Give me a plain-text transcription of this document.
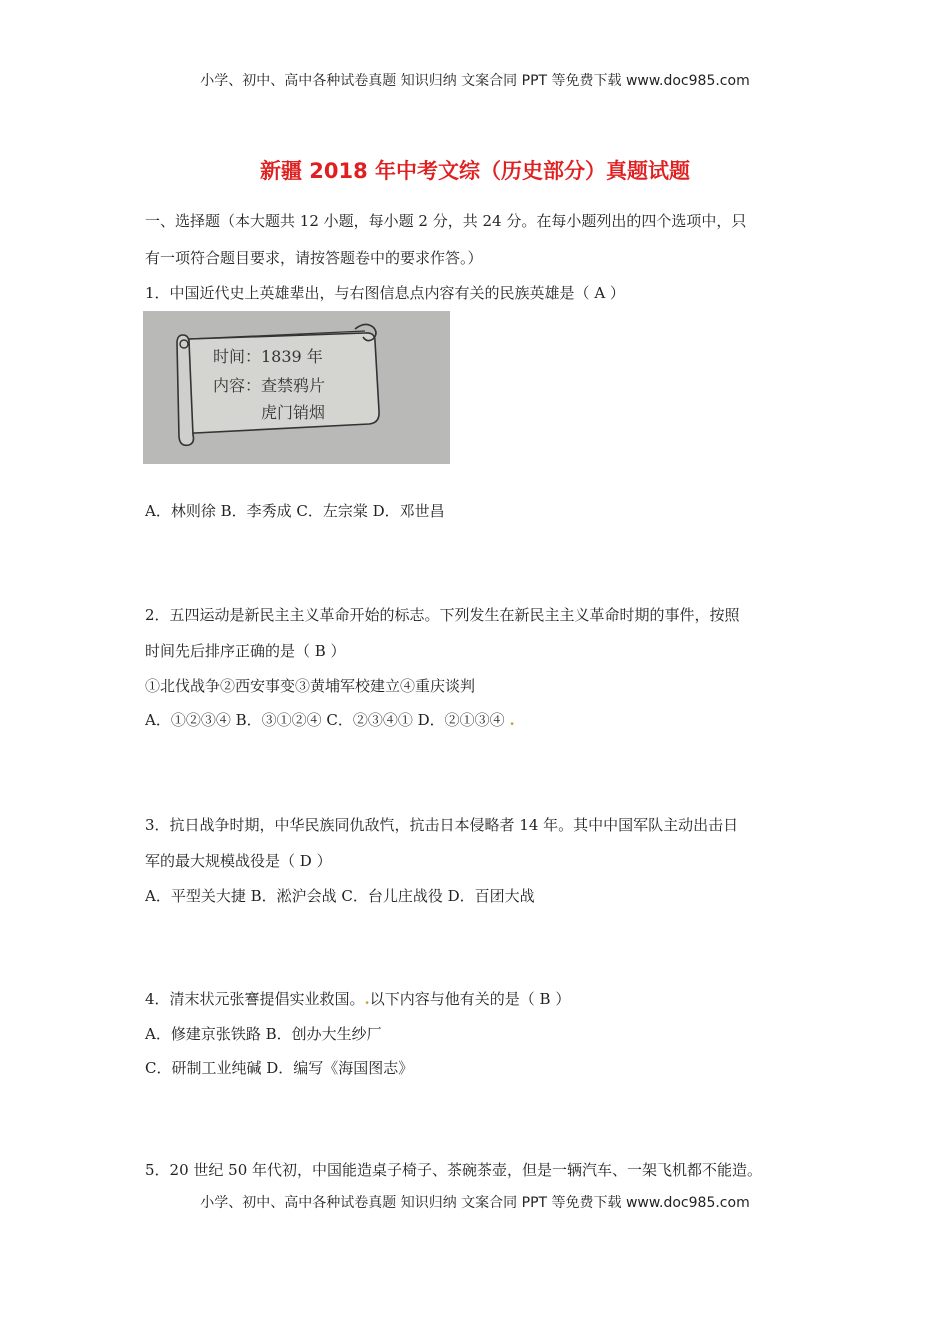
小学、初中、高中各种试卷真题 知识归纳 文案合同 PPT 等免费下载 www.doc985.com
新疆 2018 年中考文综（历史部分）真题试题
一、选择题（本大题共 12 小题，每小题 2 分，共 24 分。在每小题列出的四个选项中，只
有一项符合题目要求，请按答题卷中的要求作答。）
1．中国近代史上英雄辈出，与右图信息点内容有关的民族英雄是（ A ）
时间：1839 年
内容：查禁鸦片
虎门销烟
A．林则徐 B．李秀成 C．左宗棠 D．邓世昌
2．五四运动是新民主主义革命开始的标志。下列发生在新民主主义革命时期的事件，按照
时间先后排序正确的是（ B ）
①北伐战争②西安事变③黄埔军校建立④重庆谈判
A．①②③④ B．③①②④ C．②③④① D．②①③④ .
3．抗日战争时期，中华民族同仇敌忾，抗击日本侵略者 14 年。其中中国军队主动出击日
军的最大规模战役是（ D ）
A．平型关大捷 B．淞沪会战 C．台儿庄战役 D．百团大战
4．清末状元张謇提倡实业救国。.以下内容与他有关的是（ B ）
A．修建京张铁路 B．创办大生纱厂
C．研制工业纯碱 D．编写《海国图志》
5．20 世纪 50 年代初，中国能造桌子椅子、茶碗茶壶，但是一辆汽车、一架飞机都不能造。
小学、初中、高中各种试卷真题 知识归纳 文案合同 PPT 等免费下载 www.doc985.com
